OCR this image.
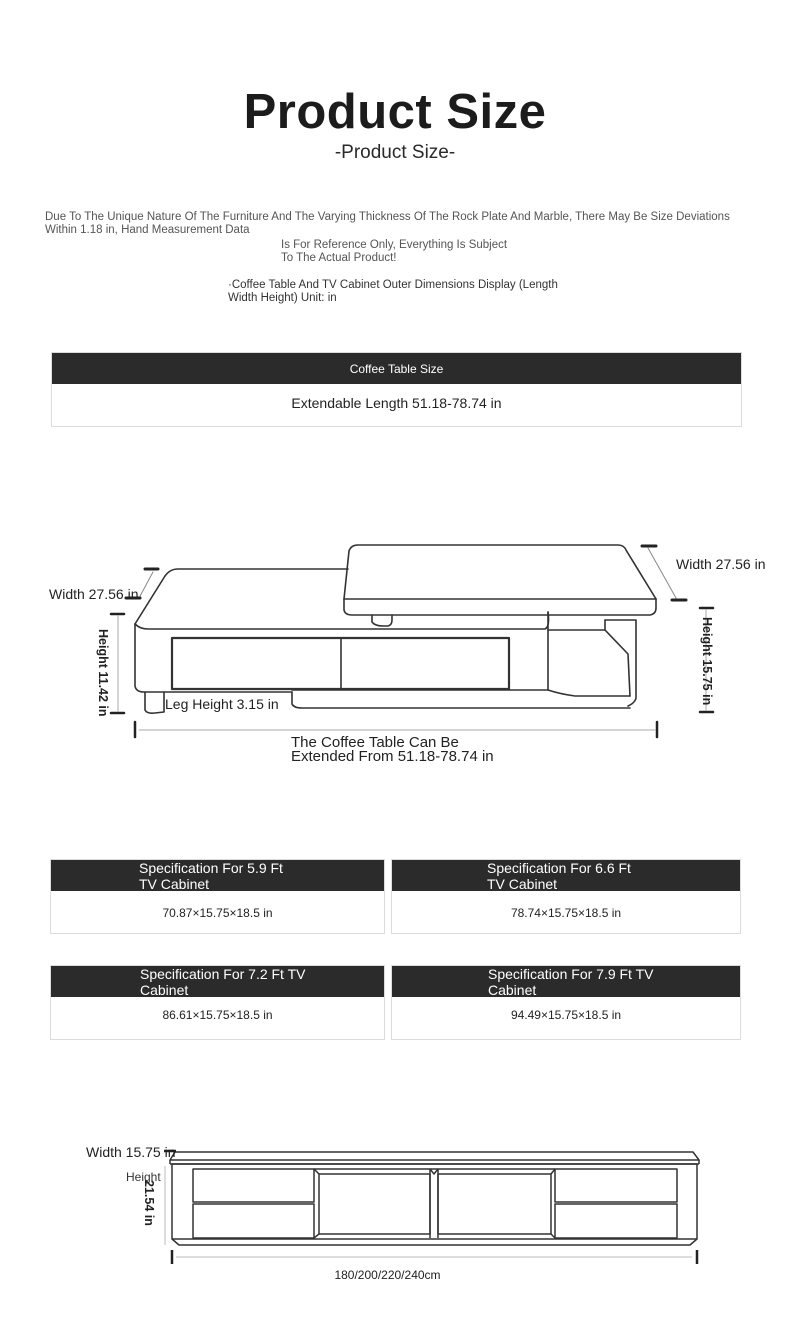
Product Size
-Product Size-
Due To The Unique Nature Of The Furniture And The Varying Thickness Of The Rock Plate And Marble, There May Be Size Deviations Within 1.18 in, Hand Measurement Data
Is For Reference Only, Everything Is Subject To The Actual Product!
·Coffee Table And TV Cabinet Outer Dimensions Display (Length Width Height) Unit: in
Coffee Table Size
Extendable Length 51.18-78.74 in
Width 27.56 in
Width 27.56 in
Height 11.42 in	Height 15.75 in
Leg Height 3.15 in
The Coffee Table Can Be Extended From 51.18-78.74 in
Specification For 5.9 Ft TV Cabinet
70.87×15.75×18.5 in
Specification For 6.6 Ft TV Cabinet
78.74×15.75×18.5 in
Specification For 7.2 Ft TV Cabinet
86.61×15.75×18.5 in
Specification For 7.9 Ft TV Cabinet
94.49×15.75×18.5 in
Width 15.75 in
Height
21.54 in
180/200/220/240cm
